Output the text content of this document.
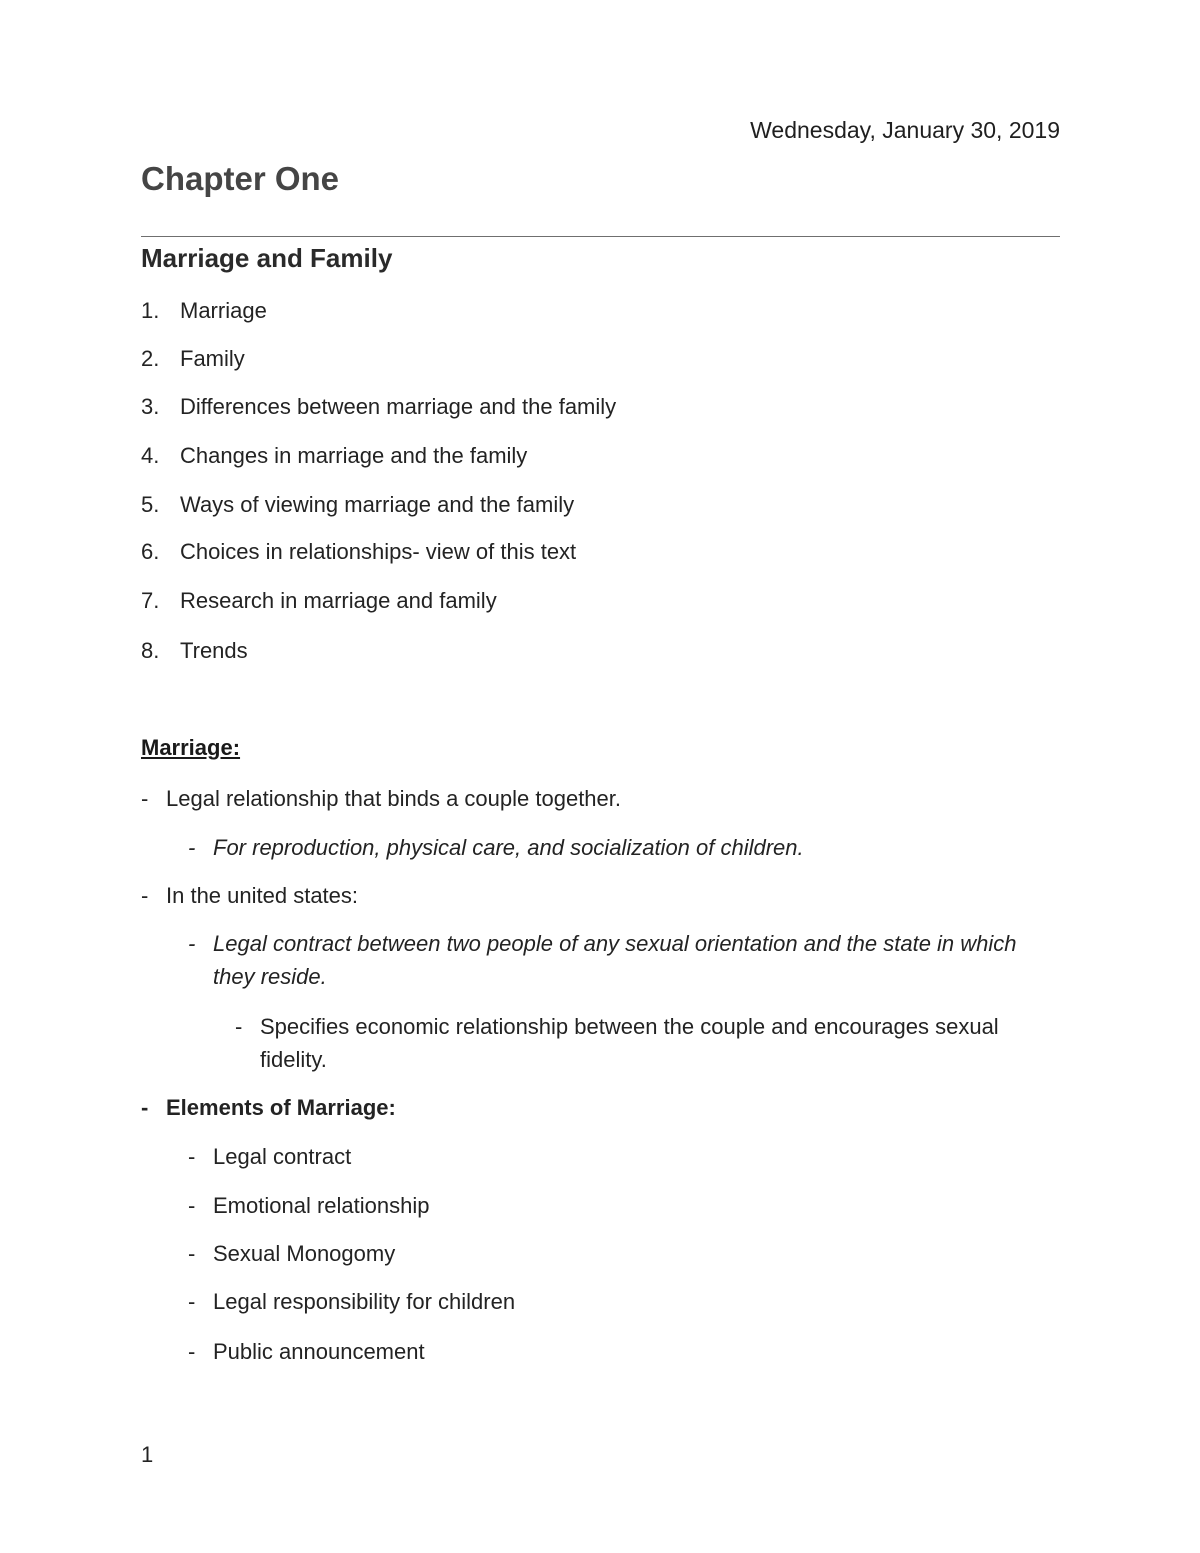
Wednesday, January 30, 2019
Chapter One
Marriage and Family
1. Marriage
2. Family
3. Differences between marriage and the family
4. Changes in marriage and the family
5. Ways of viewing marriage and the family
6. Choices in relationships- view of this text
7. Research in marriage and family
8. Trends
Marriage:
- Legal relationship that binds a couple together.
- For reproduction, physical care, and socialization of children.
- In the united states:
- Legal contract between two people of any sexual orientation and the state in which they reside.
- Specifies economic relationship between the couple and encourages sexual fidelity.
- Elements of Marriage:
- Legal contract
- Emotional relationship
- Sexual Monogomy
- Legal responsibility for children
- Public announcement
1
